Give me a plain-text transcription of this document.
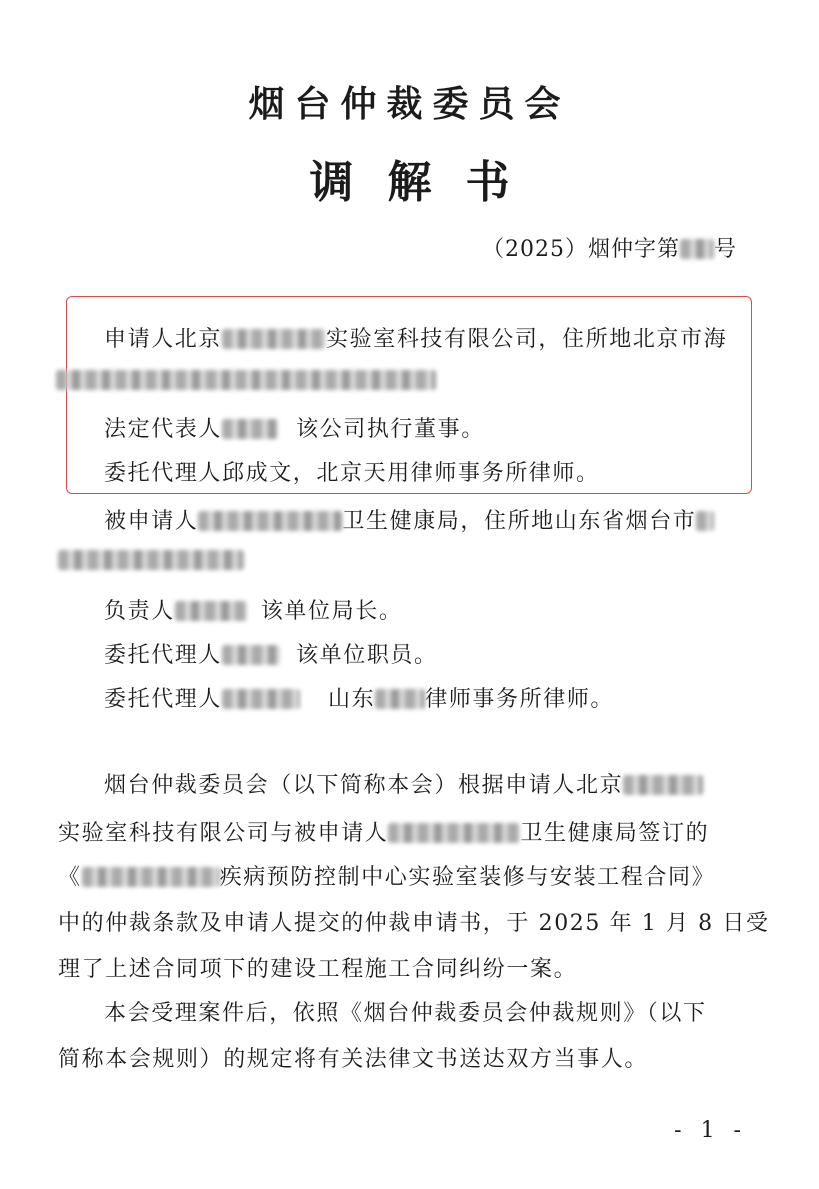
烟台仲裁委员会
调解书
（2025）烟仲字第 号
申请人北京	实验室科技有限公司，住所地北京市海
法定代表人	该公司执行董事。
委托代理人邱成文，北京天用律师事务所律师。
被申请人	卫生健康局，住所地山东省烟台市
负责人	该单位局长。
委托代理人	该单位职员。
委托代理人	山东 律师事务所律师。
烟台仲裁委员会（以下简称本会）根据申请人北京
实验室科技有限公司与被申请人	卫生健康局签订的
《	疾病预防控制中心实验室装修与安装工程合同》
中的仲裁条款及申请人提交的仲裁申请书，于 2025 年 1 月 8 日受
理了上述合同项下的建设工程施工合同纠纷一案。
本会受理案件后，依照《烟台仲裁委员会仲裁规则》（以下
简称本会规则）的规定将有关法律文书送达双方当事人。
- 1 -
